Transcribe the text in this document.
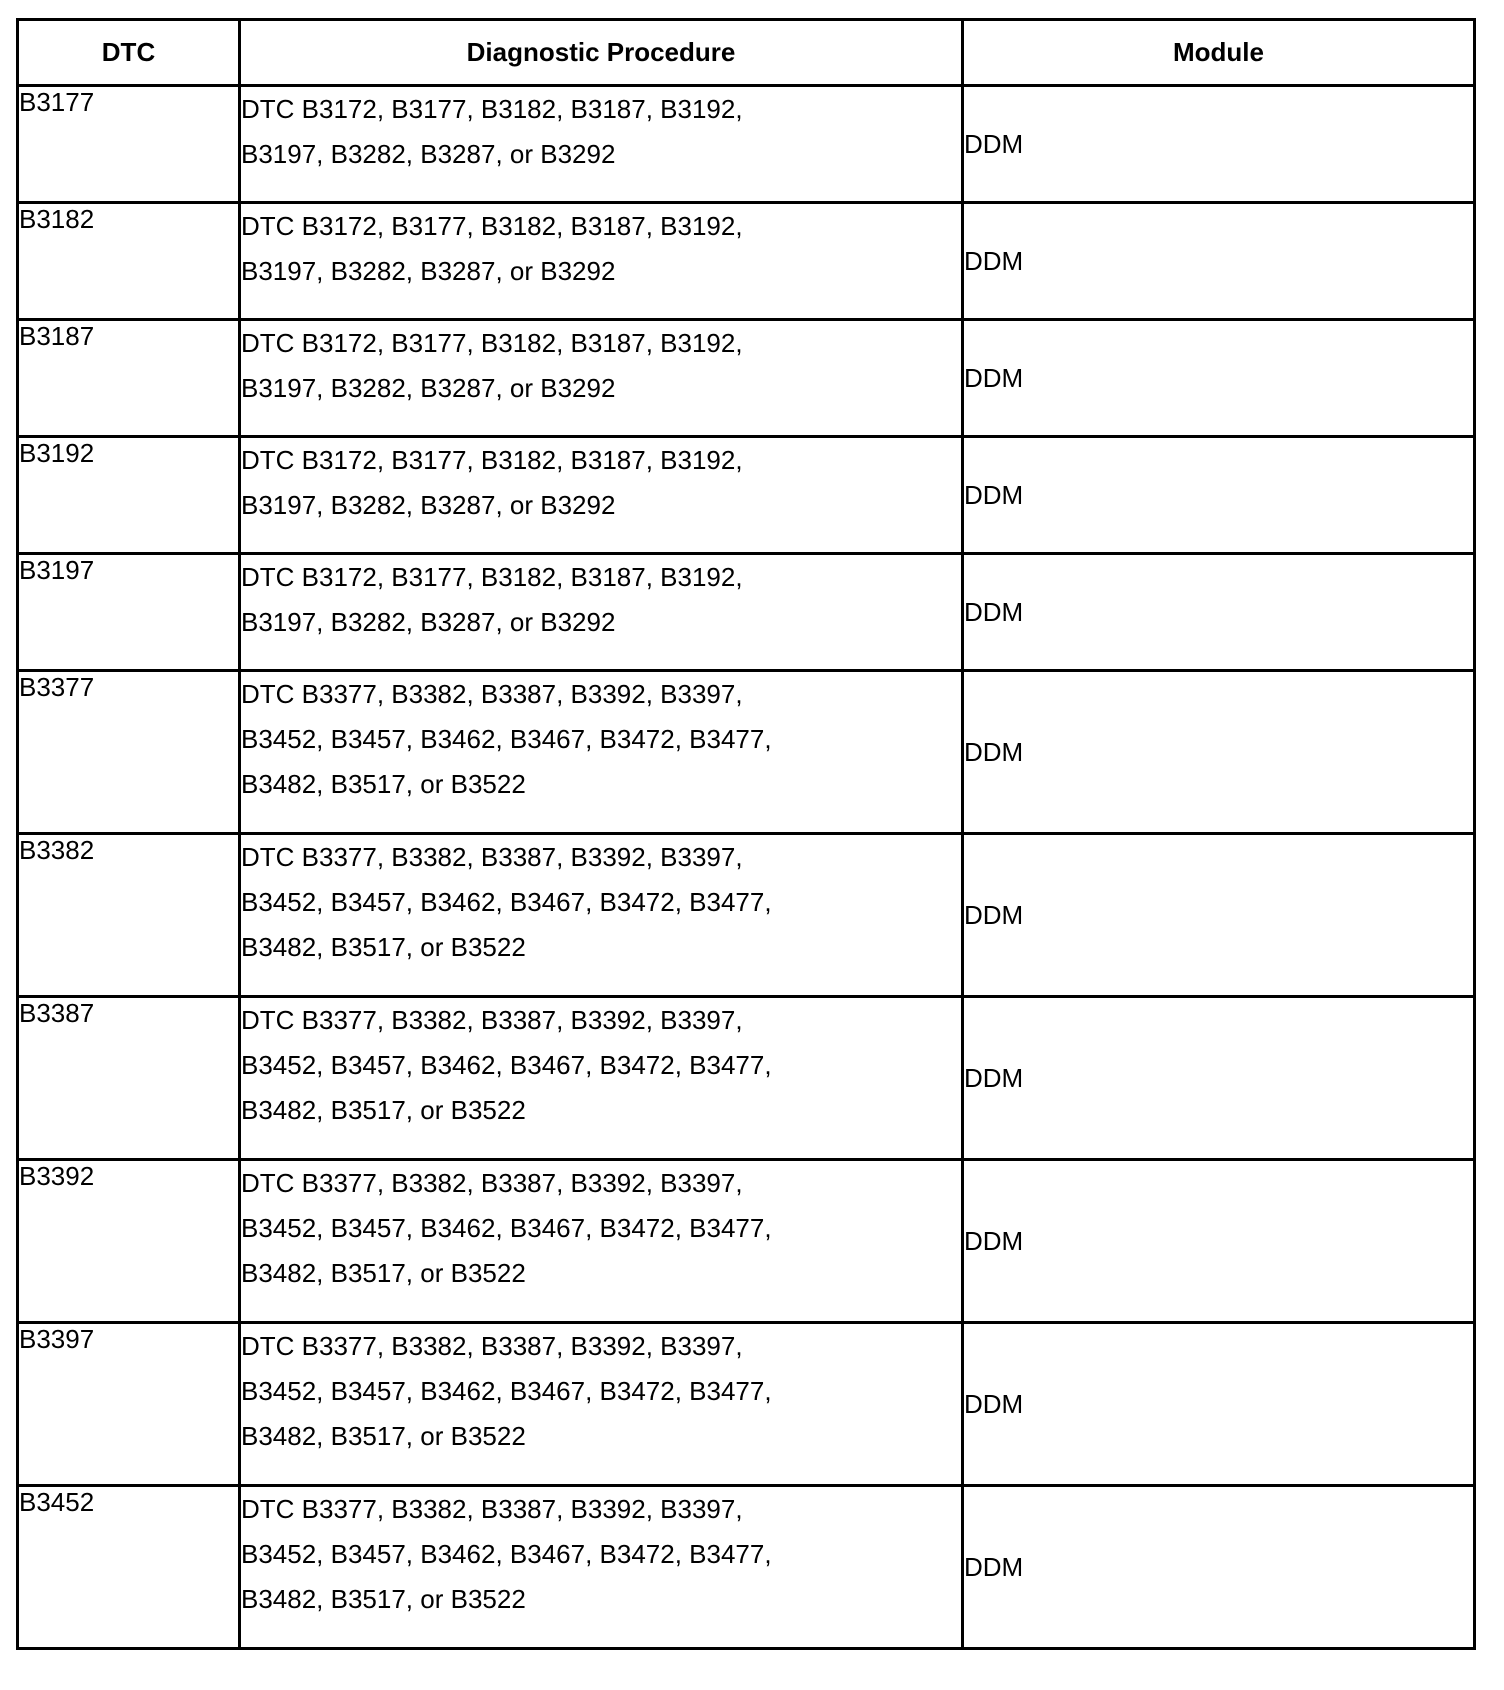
DTC	Diagnostic Procedure	Module
B3177	DTC B3172, B3177, B3182, B3187, B3192,
B3197, B3282, B3287, or B3292	DDM
B3182	DTC B3172, B3177, B3182, B3187, B3192,
B3197, B3282, B3287, or B3292	DDM
B3187	DTC B3172, B3177, B3182, B3187, B3192,
B3197, B3282, B3287, or B3292	DDM
B3192	DTC B3172, B3177, B3182, B3187, B3192,
B3197, B3282, B3287, or B3292	DDM
B3197	DTC B3172, B3177, B3182, B3187, B3192,
B3197, B3282, B3287, or B3292	DDM
B3377	DTC B3377, B3382, B3387, B3392, B3397,
B3452, B3457, B3462, B3467, B3472, B3477,
B3482, B3517, or B3522	DDM
B3382	DTC B3377, B3382, B3387, B3392, B3397,
B3452, B3457, B3462, B3467, B3472, B3477,
B3482, B3517, or B3522	DDM
B3387	DTC B3377, B3382, B3387, B3392, B3397,
B3452, B3457, B3462, B3467, B3472, B3477,
B3482, B3517, or B3522	DDM
B3392	DTC B3377, B3382, B3387, B3392, B3397,
B3452, B3457, B3462, B3467, B3472, B3477,
B3482, B3517, or B3522	DDM
B3397	DTC B3377, B3382, B3387, B3392, B3397,
B3452, B3457, B3462, B3467, B3472, B3477,
B3482, B3517, or B3522	DDM
B3452	DTC B3377, B3382, B3387, B3392, B3397,
B3452, B3457, B3462, B3467, B3472, B3477,
B3482, B3517, or B3522	DDM
